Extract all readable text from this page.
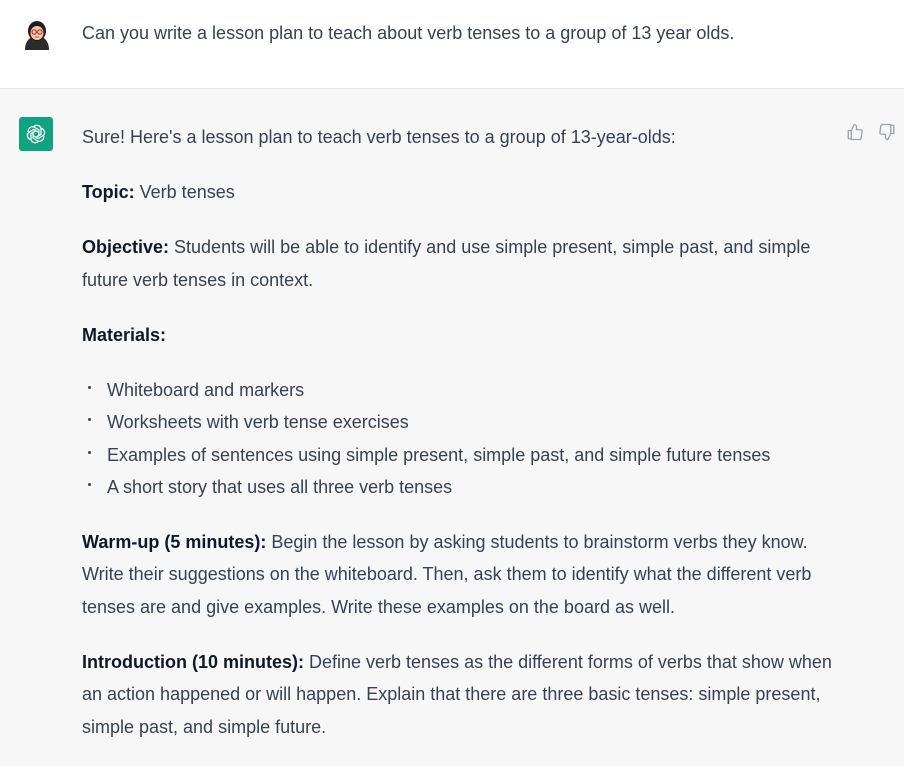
Can you write a lesson plan to teach about verb tenses to a group of 13 year olds.

Sure! Here's a lesson plan to teach verb tenses to a group of 13-year-olds:

Topic: Verb tenses

Objective: Students will be able to identify and use simple present, simple past, and simple future verb tenses in context.

Materials:

Whiteboard and markers
Worksheets with verb tense exercises
Examples of sentences using simple present, simple past, and simple future tenses
A short story that uses all three verb tenses

Warm-up (5 minutes): Begin the lesson by asking students to brainstorm verbs they know. Write their suggestions on the whiteboard. Then, ask them to identify what the different verb tenses are and give examples. Write these examples on the board as well.

Introduction (10 minutes): Define verb tenses as the different forms of verbs that show when an action happened or will happen. Explain that there are three basic tenses: simple present, simple past, and simple future.
